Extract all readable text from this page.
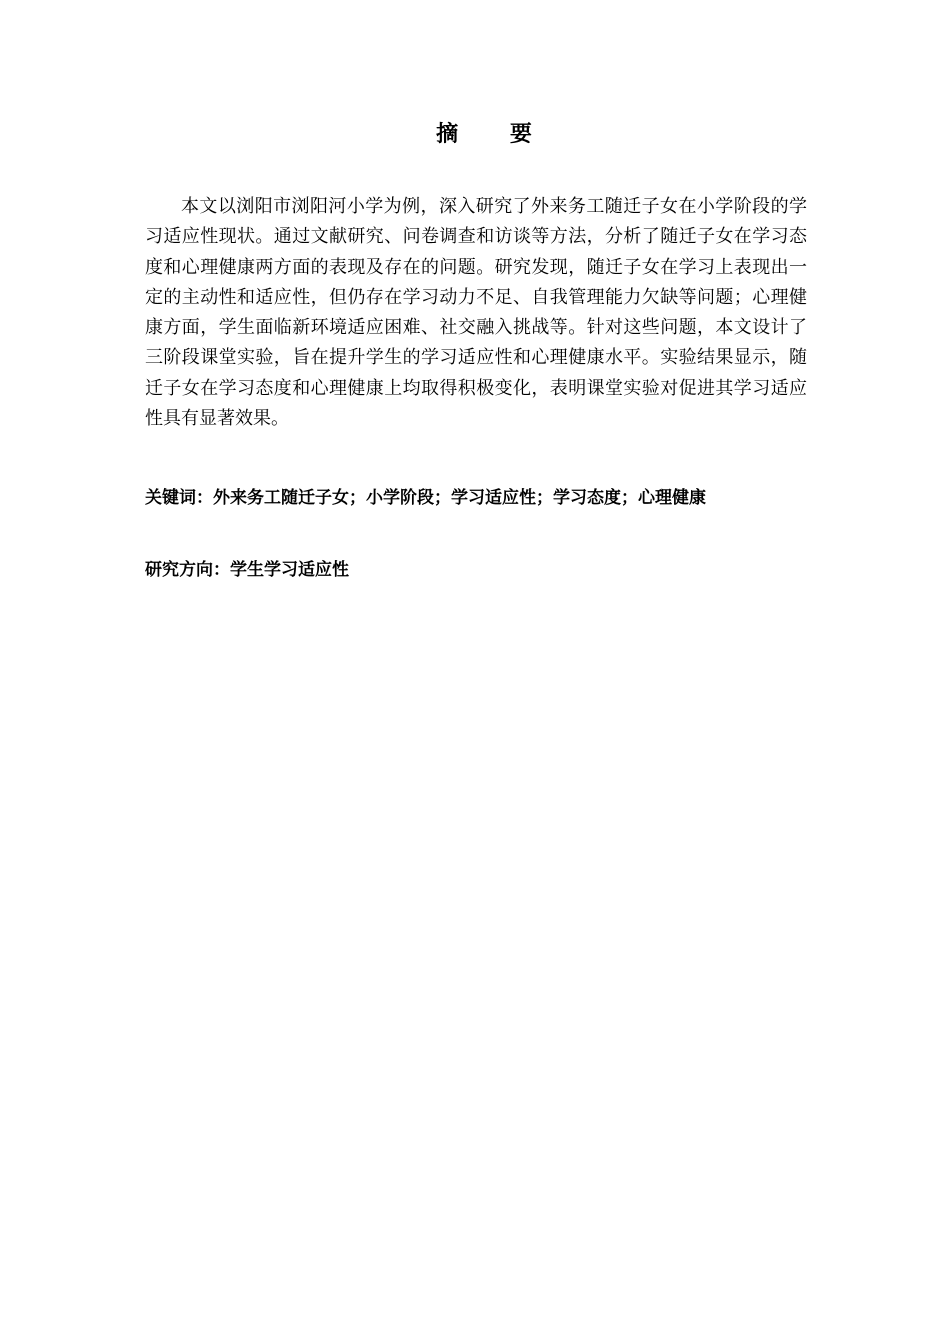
摘 要

本文以浏阳市浏阳河小学为例，深入研究了外来务工随迁子女在小学阶段的学习适应性现状。通过文献研究、问卷调查和访谈等方法，分析了随迁子女在学习态度和心理健康两方面的表现及存在的问题。研究发现，随迁子女在学习上表现出一定的主动性和适应性，但仍存在学习动力不足、自我管理能力欠缺等问题；心理健康方面，学生面临新环境适应困难、社交融入挑战等。针对这些问题，本文设计了三阶段课堂实验，旨在提升学生的学习适应性和心理健康水平。实验结果显示，随迁子女在学习态度和心理健康上均取得积极变化，表明课堂实验对促进其学习适应性具有显著效果。

关键词：外来务工随迁子女；小学阶段；学习适应性；学习态度；心理健康
研究方向：学生学习适应性
